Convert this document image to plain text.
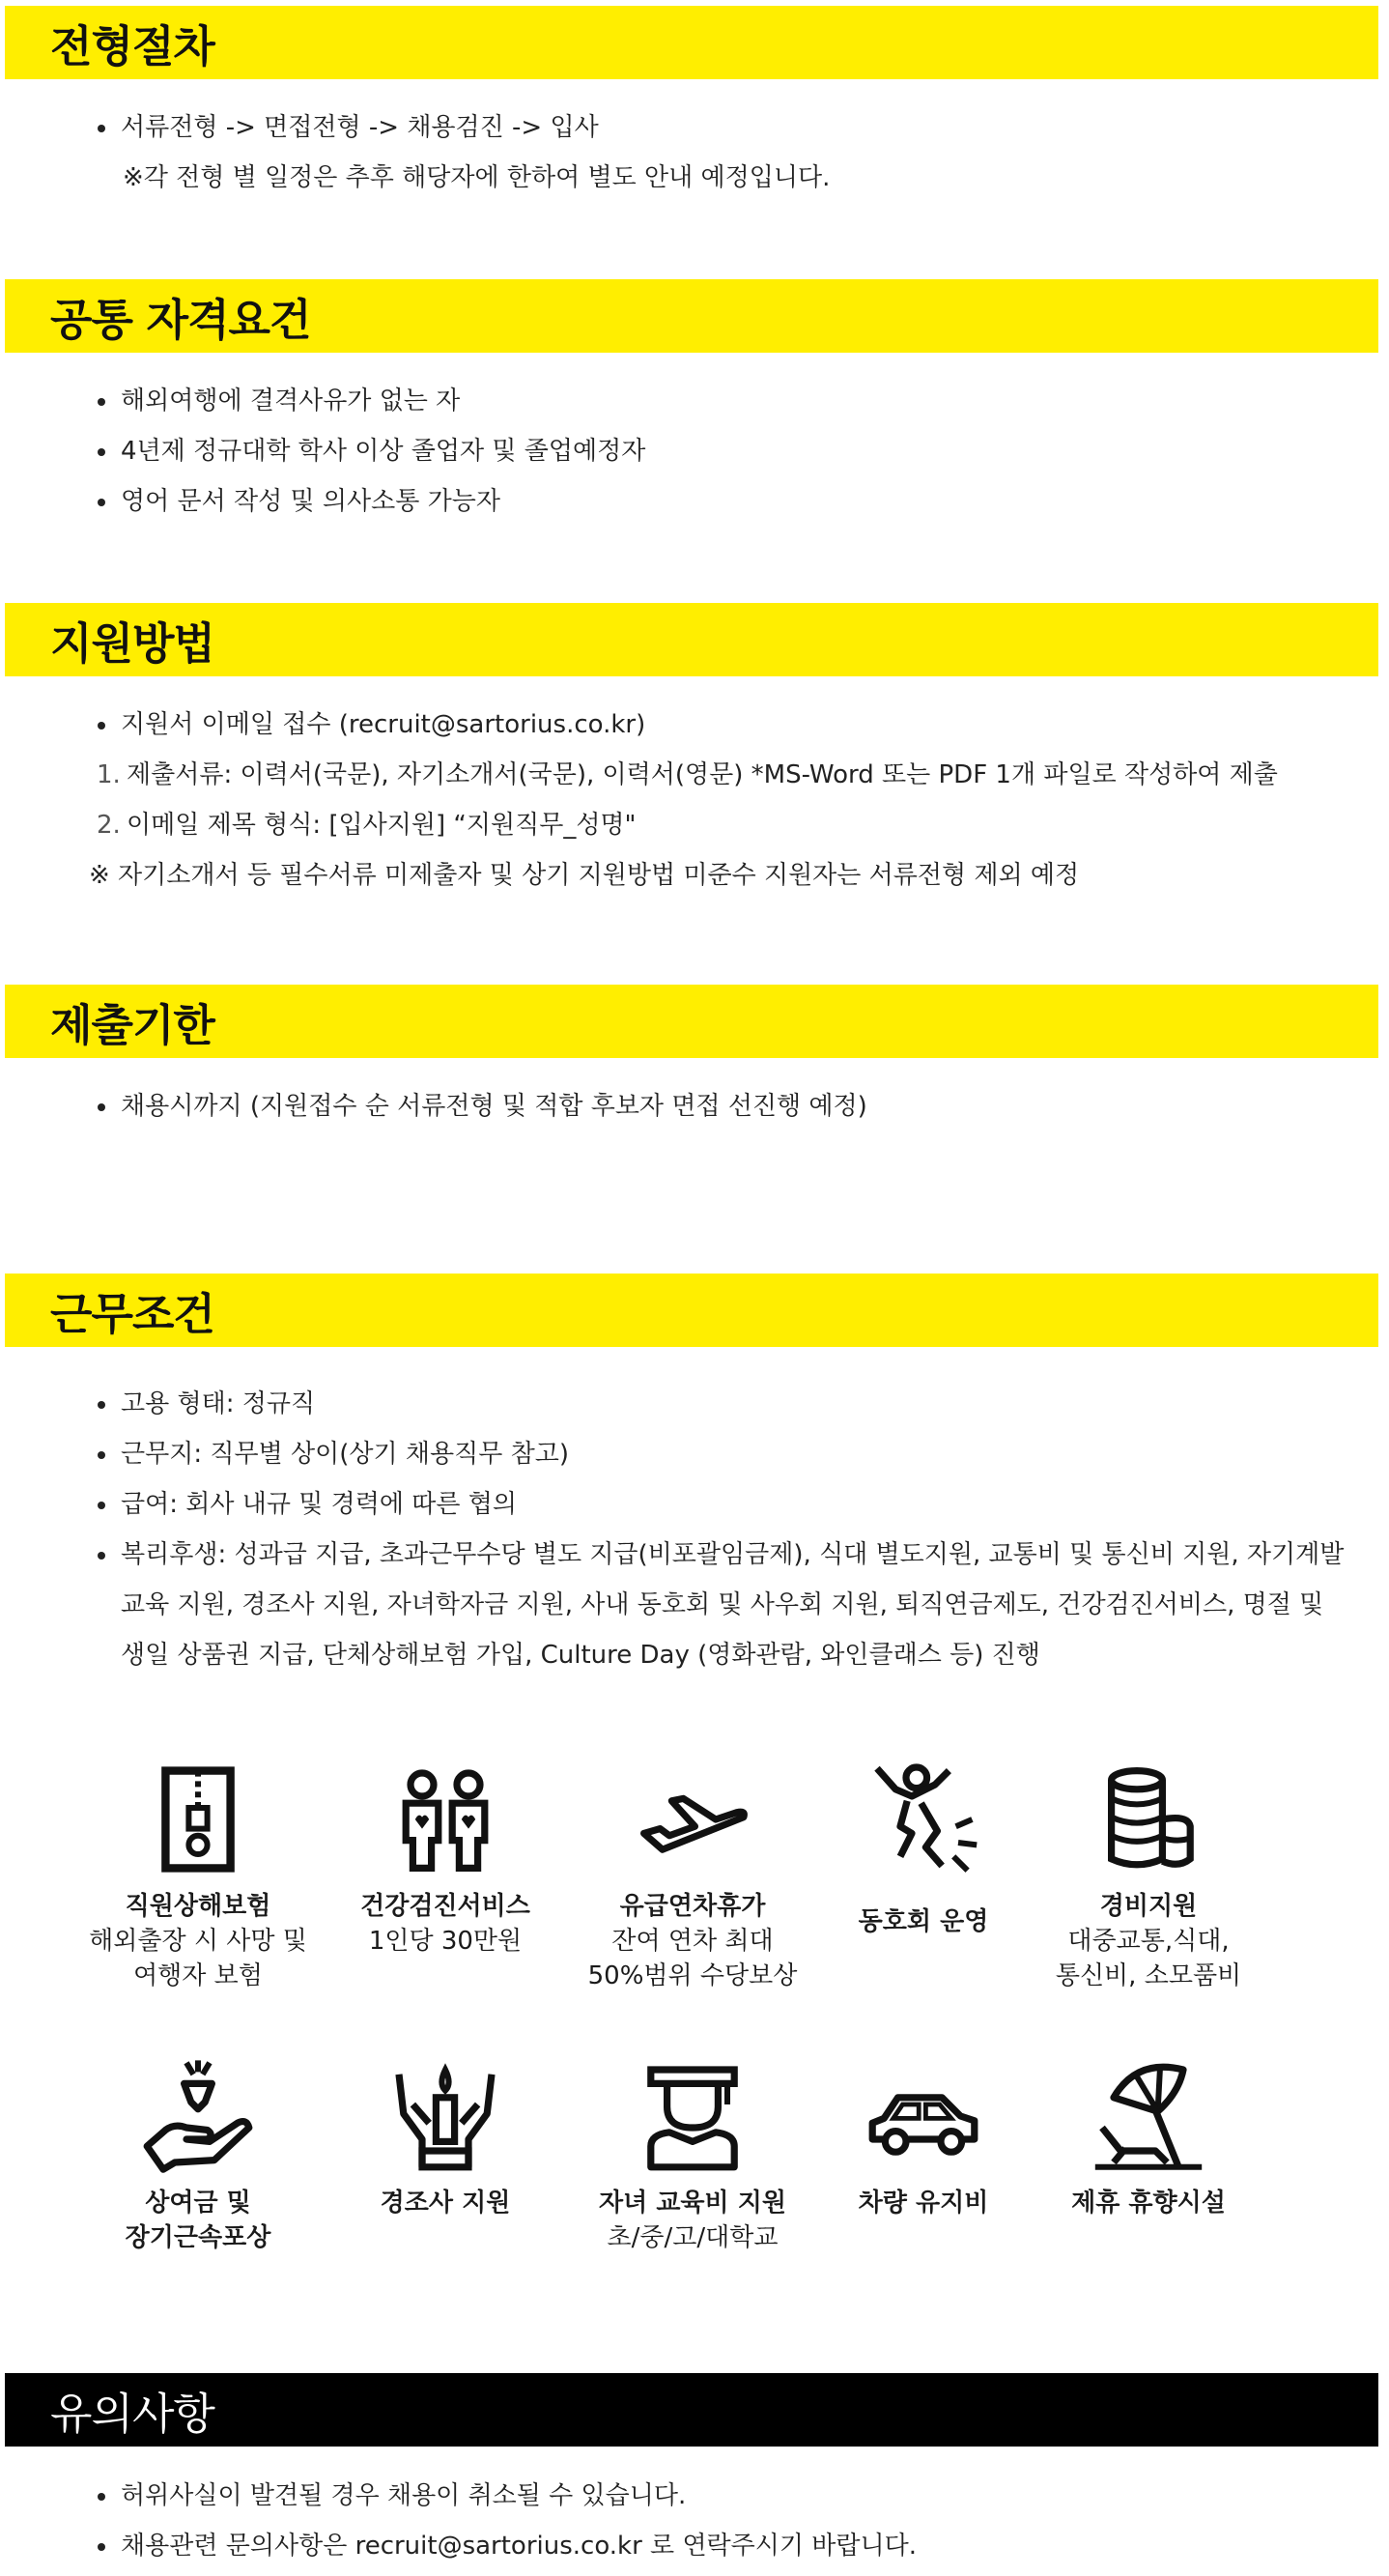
전형절차
서류전형 -> 면접전형 -> 채용검진 -> 입사
※각 전형 별 일정은 추후 해당자에 한하여 별도 안내 예정입니다.
공통 자격요건
해외여행에 결격사유가 없는 자
4년제 정규대학 학사 이상 졸업자 및 졸업예정자
영어 문서 작성 및 의사소통 가능자
지원방법
지원서 이메일 접수 (recruit@sartorius.co.kr)
1. 제출서류: 이력서(국문), 자기소개서(국문), 이력서(영문) *MS-Word 또는 PDF 1개 파일로 작성하여 제출
2. 이메일 제목 형식: [입사지원] “지원직무_성명"
※ 자기소개서 등 필수서류 미제출자 및 상기 지원방법 미준수 지원자는 서류전형 제외 예정
제출기한
채용시까지 (지원접수 순 서류전형 및 적합 후보자 면접 선진행 예정)
근무조건
고용 형태: 정규직
근무지: 직무별 상이(상기 채용직무 참고)
급여: 회사 내규 및 경력에 따른 협의
복리후생: 성과급 지급, 초과근무수당 별도 지급(비포괄임금제), 식대 별도지원, 교통비 및 통신비 지원, 자기계발
교육 지원, 경조사 지원, 자녀학자금 지원, 사내 동호회 및 사우회 지원, 퇴직연금제도, 건강검진서비스, 명절 및
생일 상품권 지급, 단체상해보험 가입, Culture Day (영화관람, 와인클래스 등) 진행
직원상해보험
해외출장 시 사망 및
여행자 보험
건강검진서비스
1인당 30만원
유급연차휴가
잔여 연차 최대
50%범위 수당보상
동호회 운영
경비지원
대중교통,식대,
통신비, 소모품비
상여금 및
장기근속포상
경조사 지원	자녀 교육비 지원
초/중/고/대학교
차량 유지비	제휴 휴향시설
유의사항
허위사실이 발견될 경우 채용이 취소될 수 있습니다.
채용관련 문의사항은 recruit@sartorius.co.kr 로 연락주시기 바랍니다.
